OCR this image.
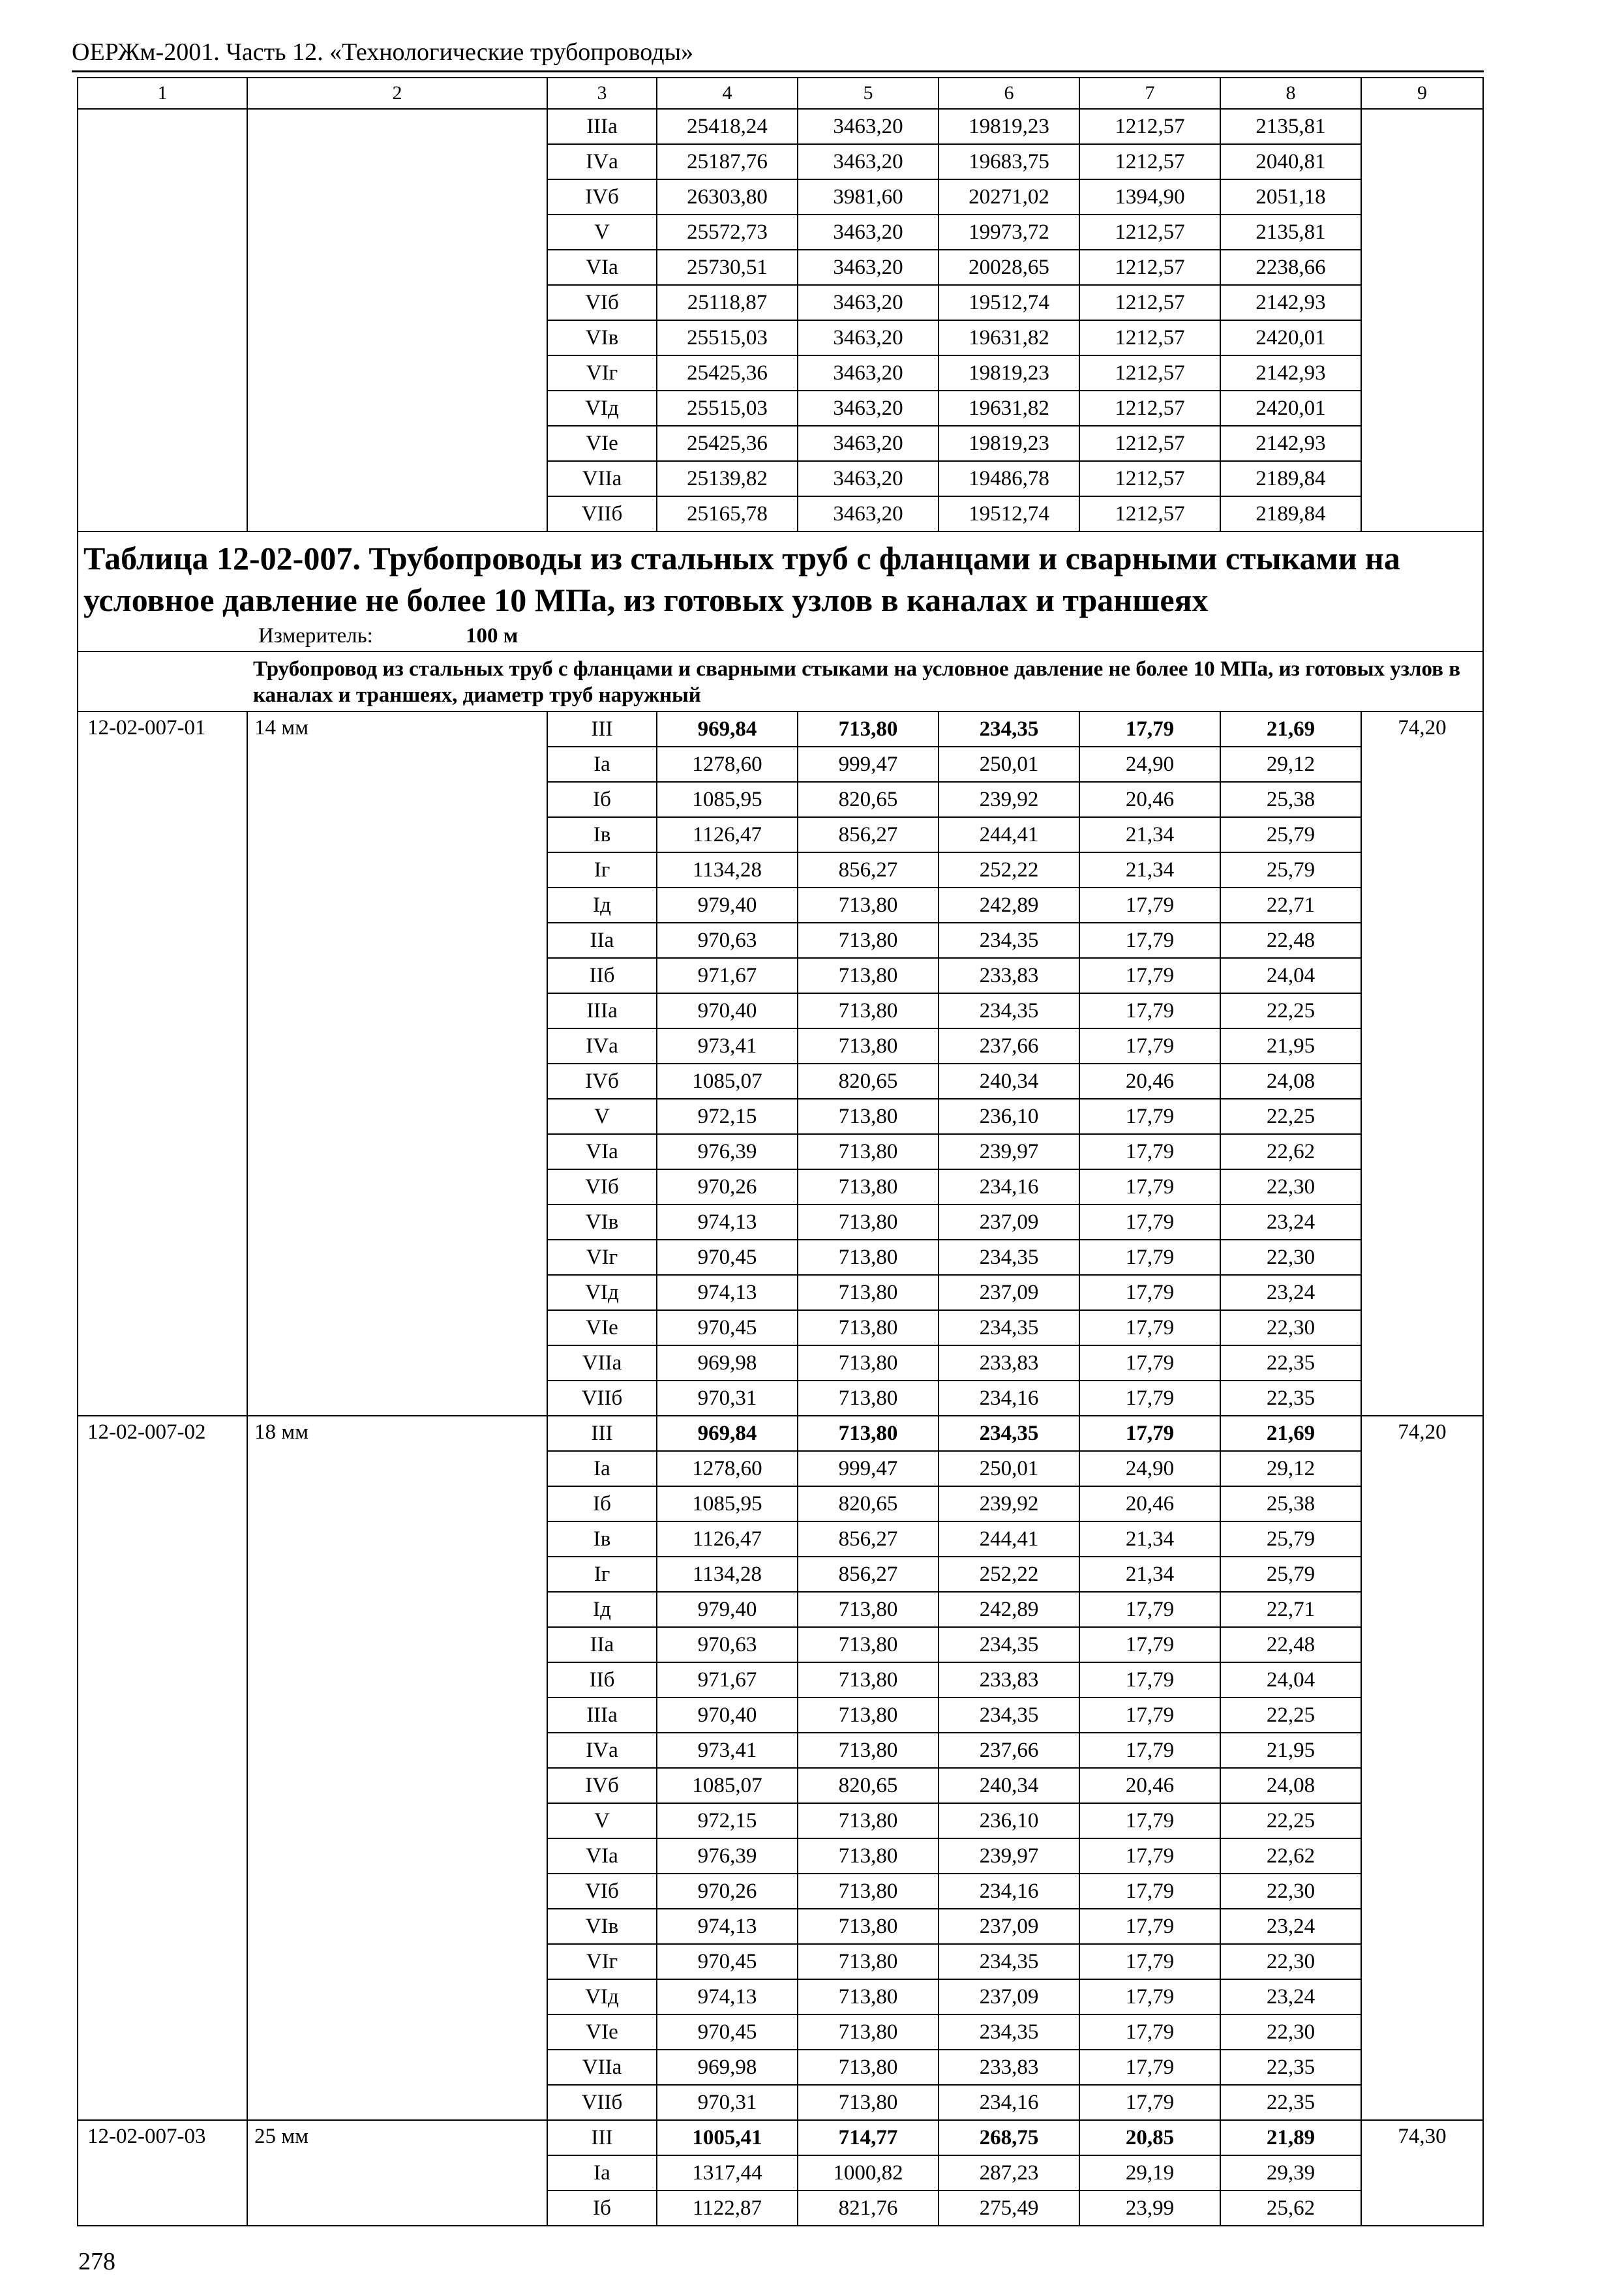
ОЕРЖм-2001. Часть 12. «Технологические трубопроводы»
1	2	3	4	5	6	7	8	9
		IIIа	25418,24	3463,20	19819,23	1212,57	2135,81	
		IVа	25187,76	3463,20	19683,75	1212,57	2040,81	
		IVб	26303,80	3981,60	20271,02	1394,90	2051,18	
		V	25572,73	3463,20	19973,72	1212,57	2135,81	
		VIа	25730,51	3463,20	20028,65	1212,57	2238,66	
		VIб	25118,87	3463,20	19512,74	1212,57	2142,93	
		VIв	25515,03	3463,20	19631,82	1212,57	2420,01	
		VIг	25425,36	3463,20	19819,23	1212,57	2142,93	
		VIд	25515,03	3463,20	19631,82	1212,57	2420,01	
		VIе	25425,36	3463,20	19819,23	1212,57	2142,93	
		VIIа	25139,82	3463,20	19486,78	1212,57	2189,84	
		VIIб	25165,78	3463,20	19512,74	1212,57	2189,84	

Таблица 12-02-007. Трубопроводы из стальных труб с фланцами и сварными стыками на условное давление не более 10 МПа, из готовых узлов в каналах и траншеях
Измеритель: 100 м								

Трубопровод из стальных труб с фланцами и сварными стыками на условное давление не более 10 МПа, из готовых узлов в каналах и траншеях, диаметр труб наружный								
12-02-007-01	14 мм	III	969,84	713,80	234,35	17,79	21,69	74,20
		Iа	1278,60	999,47	250,01	24,90	29,12	
		Iб	1085,95	820,65	239,92	20,46	25,38	
		Iв	1126,47	856,27	244,41	21,34	25,79	
		Iг	1134,28	856,27	252,22	21,34	25,79	
		Iд	979,40	713,80	242,89	17,79	22,71	
		IIа	970,63	713,80	234,35	17,79	22,48	
		IIб	971,67	713,80	233,83	17,79	24,04	
		IIIа	970,40	713,80	234,35	17,79	22,25	
		IVа	973,41	713,80	237,66	17,79	21,95	
		IVб	1085,07	820,65	240,34	20,46	24,08	
		V	972,15	713,80	236,10	17,79	22,25	
		VIа	976,39	713,80	239,97	17,79	22,62	
		VIб	970,26	713,80	234,16	17,79	22,30	
		VIв	974,13	713,80	237,09	17,79	23,24	
		VIг	970,45	713,80	234,35	17,79	22,30	
		VIд	974,13	713,80	237,09	17,79	23,24	
		VIе	970,45	713,80	234,35	17,79	22,30	
		VIIа	969,98	713,80	233,83	17,79	22,35	
		VIIб	970,31	713,80	234,16	17,79	22,35	
12-02-007-02	18 мм	III	969,84	713,80	234,35	17,79	21,69	74,20
		Iа	1278,60	999,47	250,01	24,90	29,12	
		Iб	1085,95	820,65	239,92	20,46	25,38	
		Iв	1126,47	856,27	244,41	21,34	25,79	
		Iг	1134,28	856,27	252,22	21,34	25,79	
		Iд	979,40	713,80	242,89	17,79	22,71	
		IIа	970,63	713,80	234,35	17,79	22,48	
		IIб	971,67	713,80	233,83	17,79	24,04	
		IIIа	970,40	713,80	234,35	17,79	22,25	
		IVа	973,41	713,80	237,66	17,79	21,95	
		IVб	1085,07	820,65	240,34	20,46	24,08	
		V	972,15	713,80	236,10	17,79	22,25	
		VIа	976,39	713,80	239,97	17,79	22,62	
		VIб	970,26	713,80	234,16	17,79	22,30	
		VIв	974,13	713,80	237,09	17,79	23,24	
		VIг	970,45	713,80	234,35	17,79	22,30	
		VIд	974,13	713,80	237,09	17,79	23,24	
		VIе	970,45	713,80	234,35	17,79	22,30	
		VIIа	969,98	713,80	233,83	17,79	22,35	
		VIIб	970,31	713,80	234,16	17,79	22,35	
12-02-007-03	25 мм	III	1005,41	714,77	268,75	20,85	21,89	74,30
		Iа	1317,44	1000,82	287,23	29,19	29,39	
		Iб	1122,87	821,76	275,49	23,99	25,62	
278
